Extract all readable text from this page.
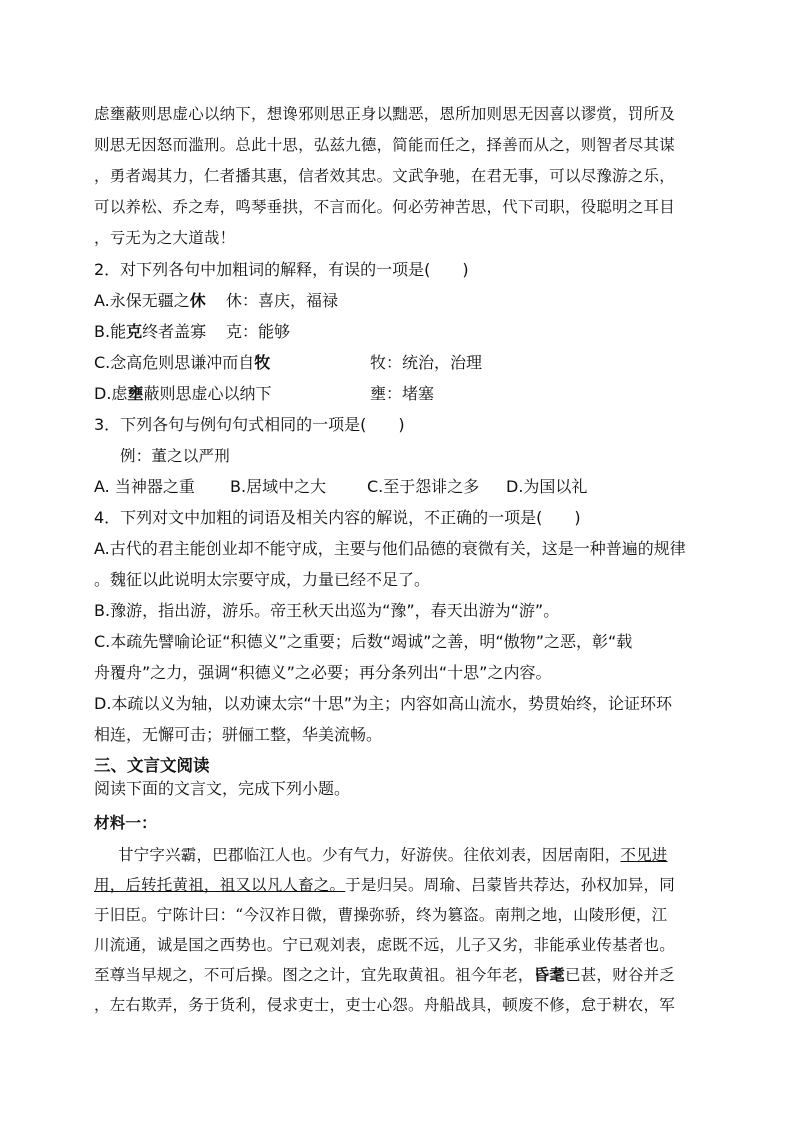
虑壅蔽则思虚心以纳下，想谗邪则思正身以黜恶，恩所加则思无因喜以谬赏，罚所及
则思无因怒而滥刑。总此十思，弘兹九德，简能而任之，择善而从之，则智者尽其谋
，勇者竭其力，仁者播其惠，信者效其忠。文武争驰，在君无事，可以尽豫游之乐，
可以养松、乔之寿，鸣琴垂拱，不言而化。何必劳神苦思，代下司职，役聪明之耳目
，亏无为之大道哉！
2．对下列各句中加粗词的解释，有误的一项是(　　)
A.永保无疆之休 休：喜庆，福禄
B.能克终者盖寡 克：能够
C.念高危则思谦冲而自牧	牧：统治，治理
D.虑壅蔽则思虚心以纳下	壅：堵塞
3．下列各句与例句句式相同的一项是(　　)
例：董之以严刑
A. 当神器之重 B.居域中之大	C.至于怨诽之多 D.为国以礼
4．下列对文中加粗的词语及相关内容的解说，不正确的一项是(　　)
A.古代的君主能创业却不能守成，主要与他们品德的衰微有关，这是一种普遍的规律
。魏征以此说明太宗要守成，力量已经不足了。
B.豫游，指出游，游乐。帝王秋天出巡为“豫”，春天出游为“游”。
C.本疏先譬喻论证“积德义”之重要；后数“竭诚”之善，明“傲物”之恶，彰“载
舟覆舟”之力，强调“积德义”之必要；再分条列出“十思”之内容。
D.本疏以义为轴，以劝谏太宗“十思”为主；内容如高山流水，势贯始终，论证环环
相连，无懈可击；骈俪工整，华美流畅。
三、文言文阅读
阅读下面的文言文，完成下列小题。
材料一：
甘宁字兴霸，巴郡临江人也。少有气力，好游侠。往依刘表，因居南阳，不见进
用，后转托黄祖，祖又以凡人畜之。于是归吴。周瑜、吕蒙皆共荐达，孙权加异，同
于旧臣。宁陈计曰：“今汉祚日微，曹操弥骄，终为篡盗。南荆之地，山陵形便，江
川流通，诚是国之西势也。宁已观刘表，虑既不远，儿子又劣，非能承业传基者也。
至尊当早规之，不可后操。图之之计，宜先取黄祖。祖今年老，昏耄已甚，财谷并乏
，左右欺弄，务于货利，侵求吏士，吏士心怨。舟船战具，顿废不修，怠于耕农，军
